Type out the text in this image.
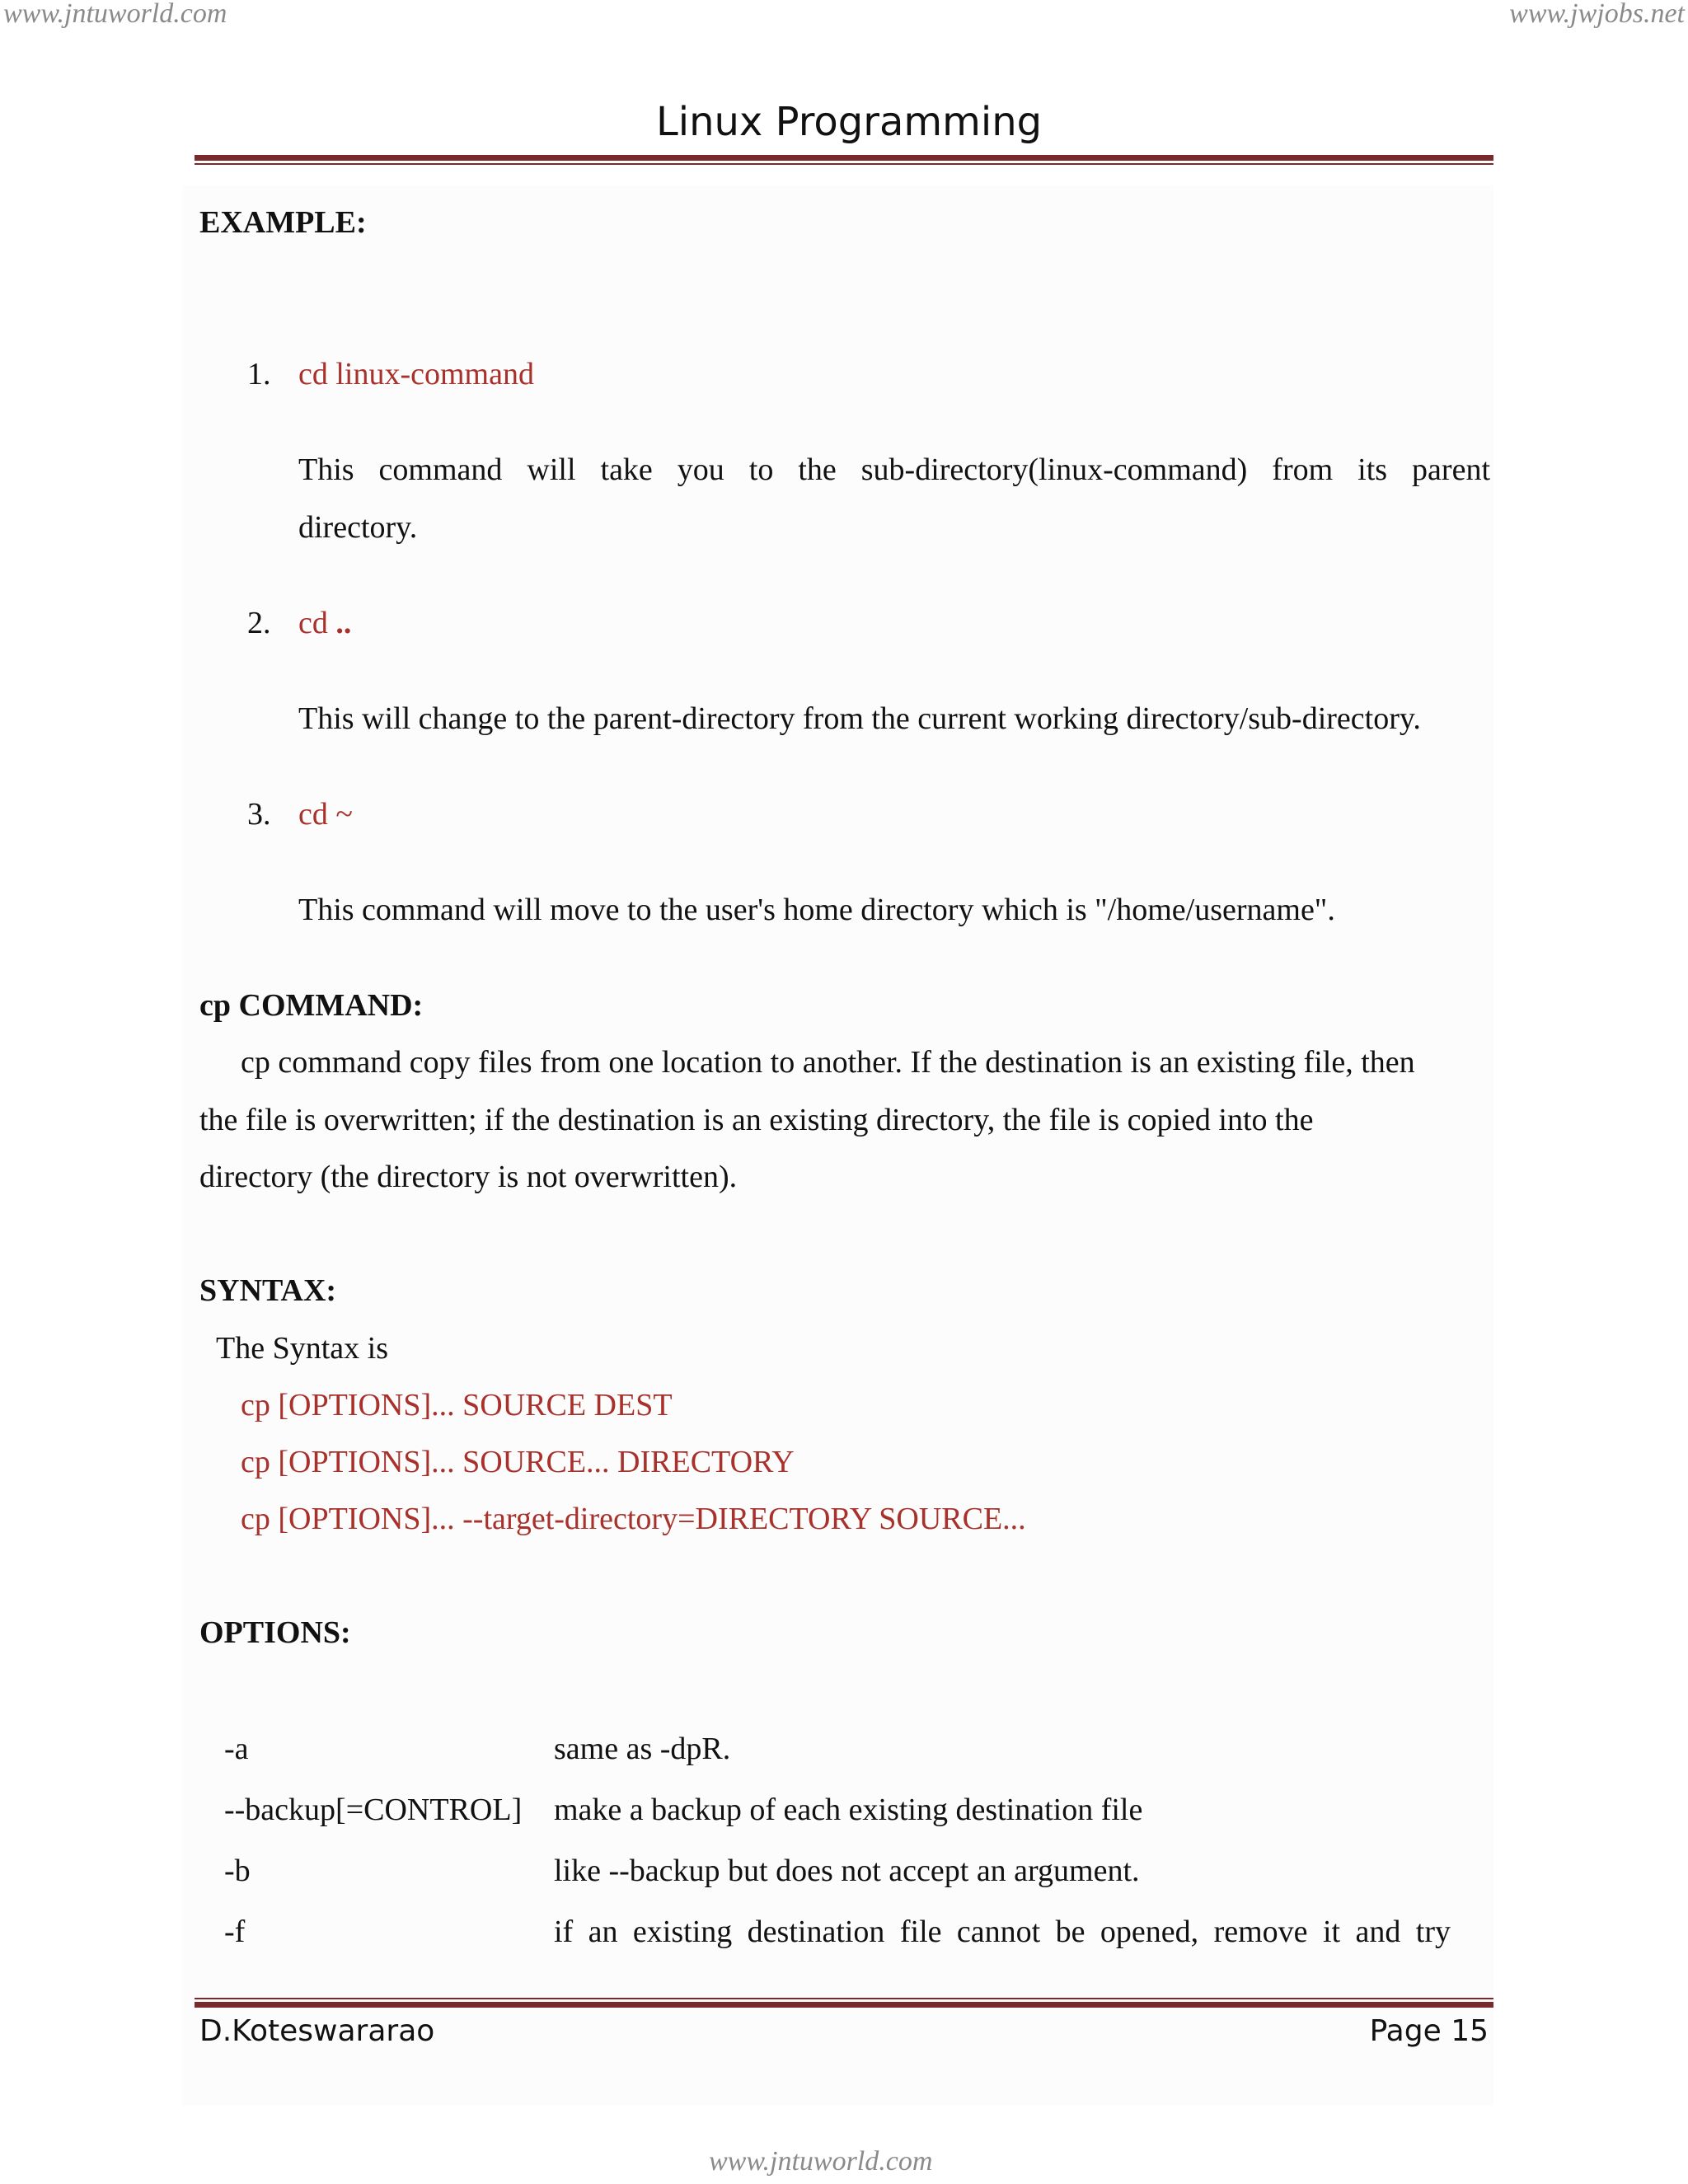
www.jntuworld.com	www.jwjobs.net
www.jntuworld.com
Linux Programming
EXAMPLE:
1. cd linux-command
This command will take you to the sub-directory(linux-command) from its parent
directory.
2. cd ..
This will change to the parent-directory from the current working directory/sub-directory.
3. cd ~
This command will move to the user's home directory which is "/home/username".
cp COMMAND:
cp command copy files from one location to another. If the destination is an existing file, then
the file is overwritten; if the destination is an existing directory, the file is copied into the
directory (the directory is not overwritten).
SYNTAX:
The Syntax is
cp [OPTIONS]... SOURCE DEST
cp [OPTIONS]... SOURCE... DIRECTORY
cp [OPTIONS]... --target-directory=DIRECTORY SOURCE...
OPTIONS:
-a	same as -dpR.
--backup[=CONTROL] make a backup of each existing destination file
-b	like --backup but does not accept an argument.
-f	if an existing destination file cannot be opened, remove it and try
D.Koteswararao	Page 15
